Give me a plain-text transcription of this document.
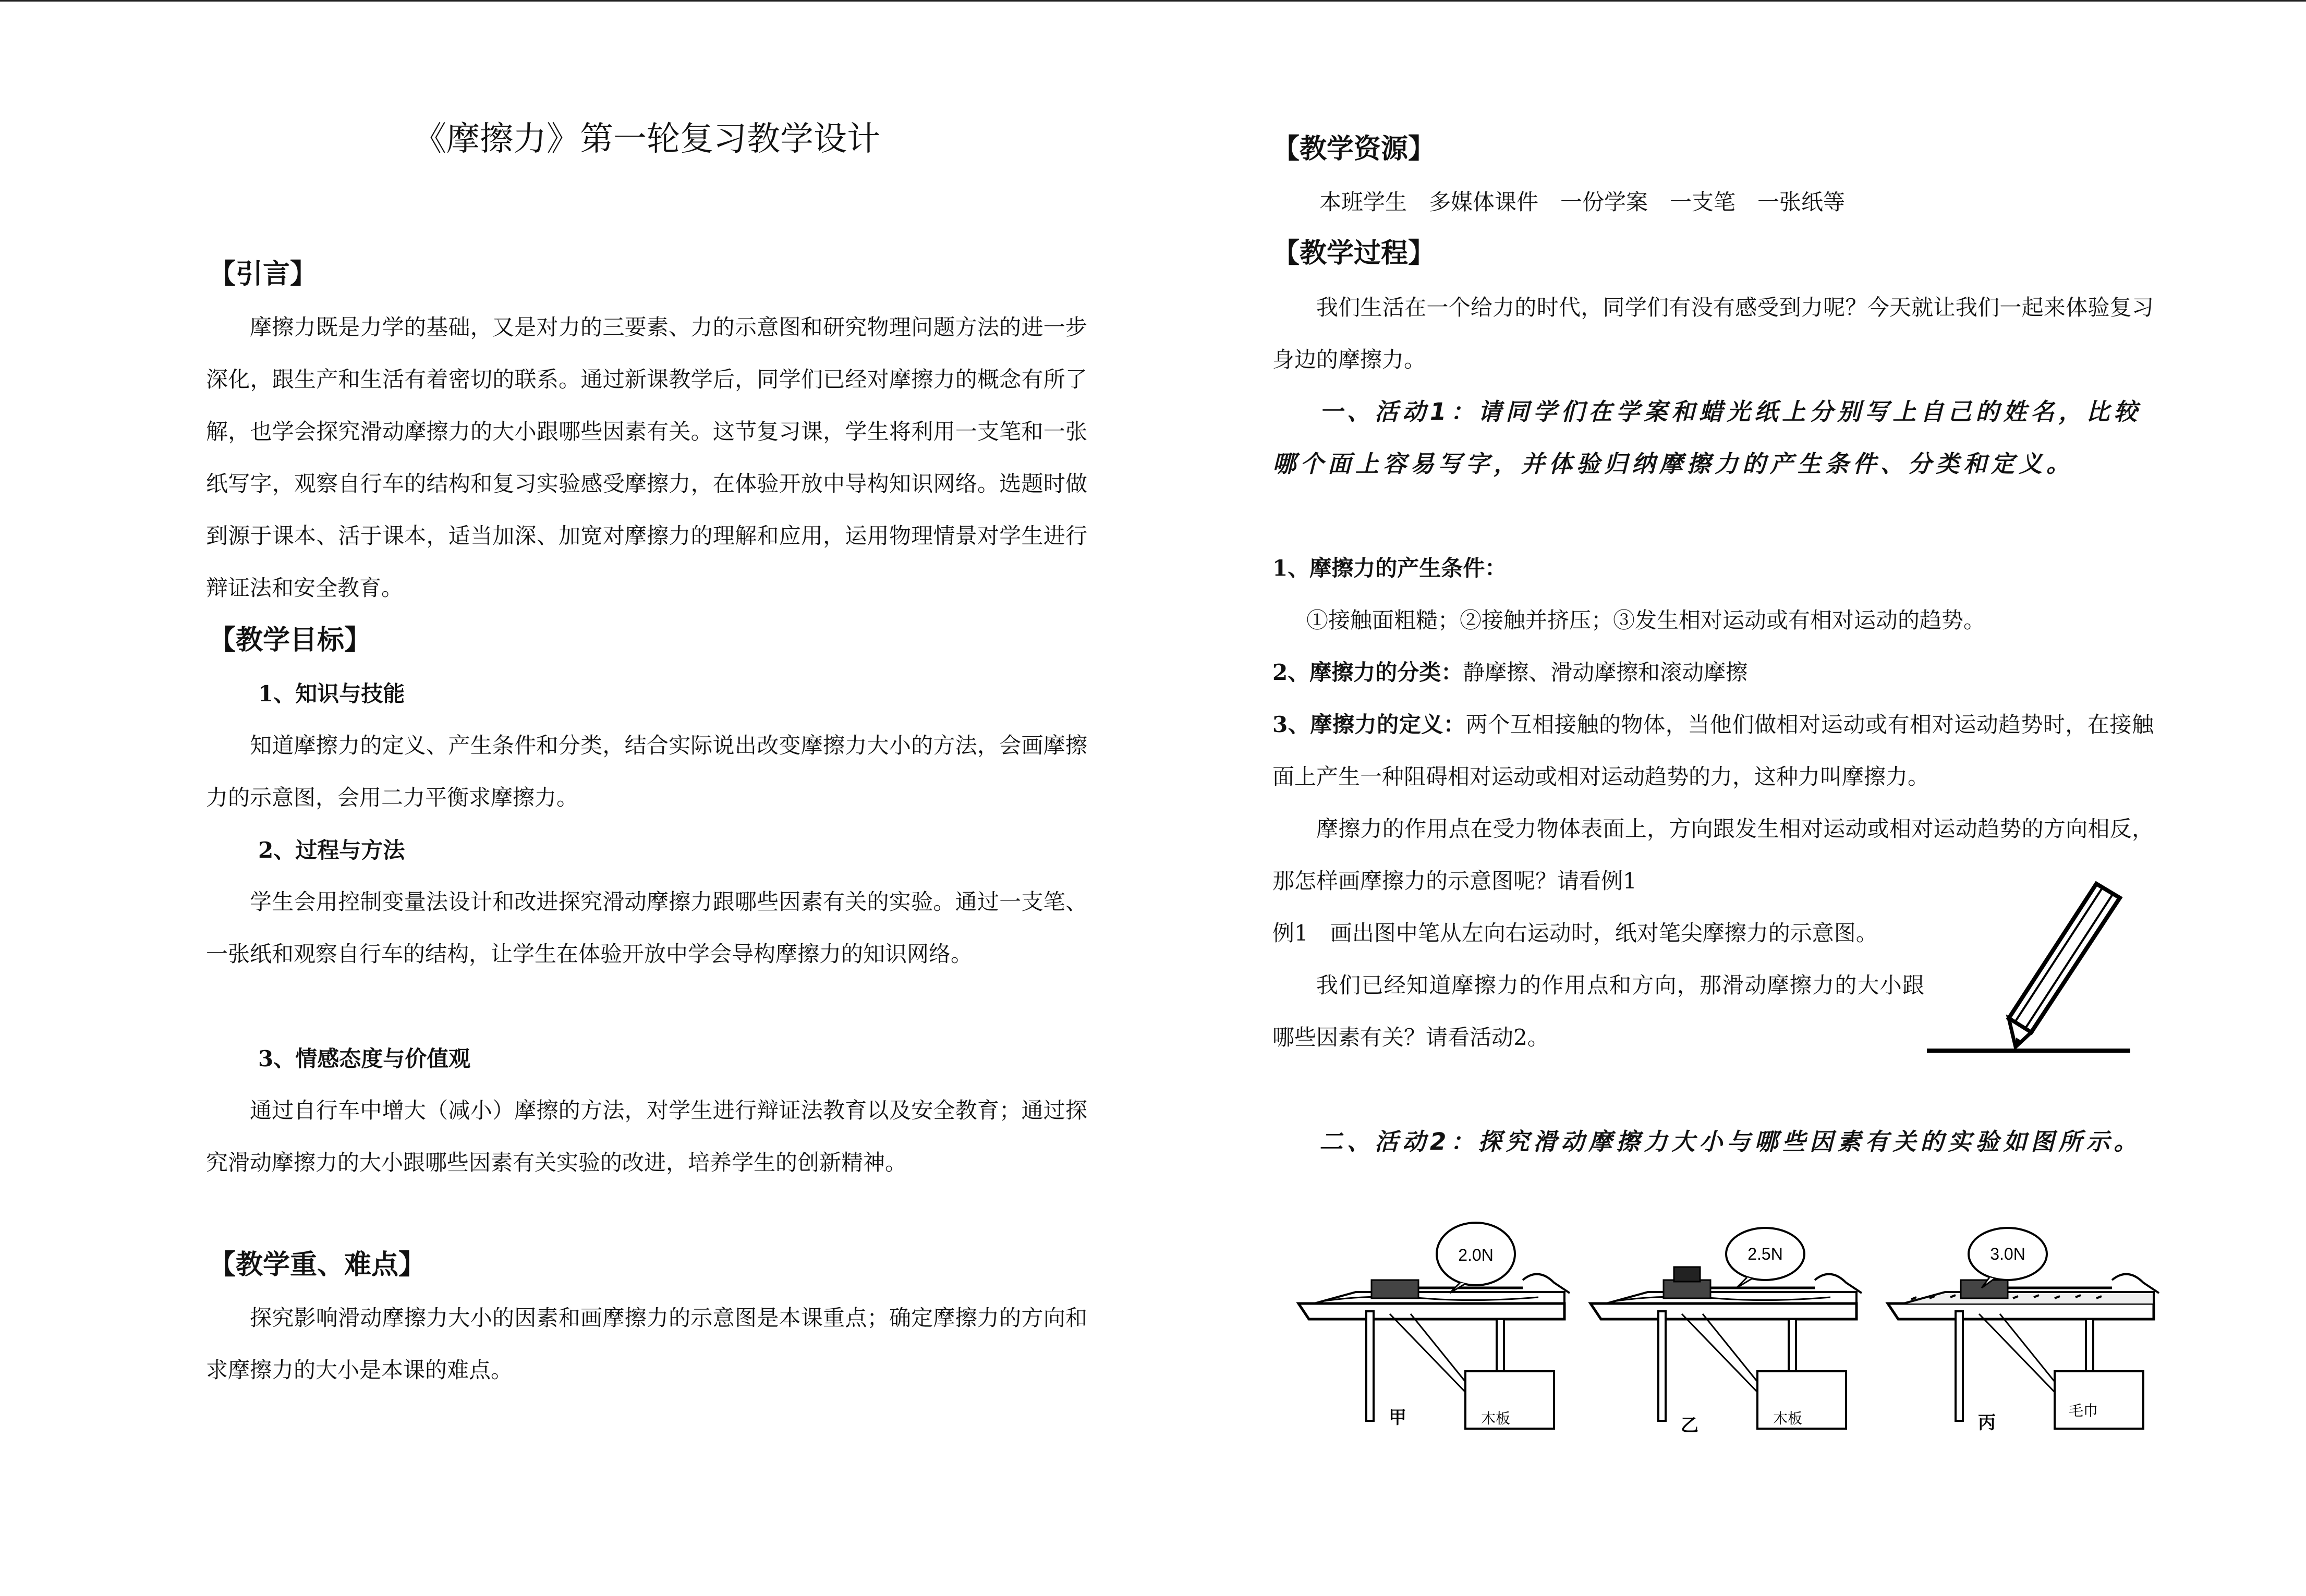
《摩擦力》第一轮复习教学设计
【引言】
摩擦力既是力学的基础，又是对力的三要素、力的示意图和研究物理问题方法的进一步深化，跟生产和生活有着密切的联系。通过新课教学后，同学们已经对摩擦力的概念有所了解，也学会探究滑动摩擦力的大小跟哪些因素有关。这节复习课，学生将利用一支笔和一张纸写字，观察自行车的结构和复习实验感受摩擦力，在体验开放中导构知识网络。选题时做到源于课本、活于课本，适当加深、加宽对摩擦力的理解和应用，运用物理情景对学生进行辩证法和安全教育。
【教学目标】
1、知识与技能
知道摩擦力的定义、产生条件和分类，结合实际说出改变摩擦力大小的方法，会画摩擦力的示意图，会用二力平衡求摩擦力。
2、过程与方法
学生会用控制变量法设计和改进探究滑动摩擦力跟哪些因素有关的实验。通过一支笔、一张纸和观察自行车的结构，让学生在体验开放中学会导构摩擦力的知识网络。
3、情感态度与价值观
通过自行车中增大（减小）摩擦的方法，对学生进行辩证法教育以及安全教育；通过探究滑动摩擦力的大小跟哪些因素有关实验的改进，培养学生的创新精神。
【教学重、难点】
探究影响滑动摩擦力大小的因素和画摩擦力的示意图是本课重点；确定摩擦力的方向和求摩擦力的大小是本课的难点。
【教学资源】
本班学生　多媒体课件　一份学案　一支笔　一张纸等
【教学过程】
我们生活在一个给力的时代，同学们有没有感受到力呢？今天就让我们一起来体验复习身边的摩擦力。
一、活动1：请同学们在学案和蜡光纸上分别写上自己的姓名，比较哪个面上容易写字，并体验归纳摩擦力的产生条件、分类和定义。
1、摩擦力的产生条件：
①接触面粗糙；②接触并挤压；③发生相对运动或有相对运动的趋势。
2、摩擦力的分类：静摩擦、滑动摩擦和滚动摩擦
3、摩擦力的定义：两个互相接触的物体，当他们做相对运动或有相对运动趋势时，在接触面上产生一种阻碍相对运动或相对运动趋势的力，这种力叫摩擦力。
摩擦力的作用点在受力物体表面上，方向跟发生相对运动或相对运动趋势的方向相反，那怎样画摩擦力的示意图呢？请看例1
例1　画出图中笔从左向右运动时，纸对笔尖摩擦力的示意图。
我们已经知道摩擦力的作用点和方向，那滑动摩擦力的大小跟哪些因素有关？请看活动2。
二、活动2：探究滑动摩擦力大小与哪些因素有关的实验如图所示。
2.0N
木板
甲
2.5N
木板
乙
3.0N
毛巾
丙
